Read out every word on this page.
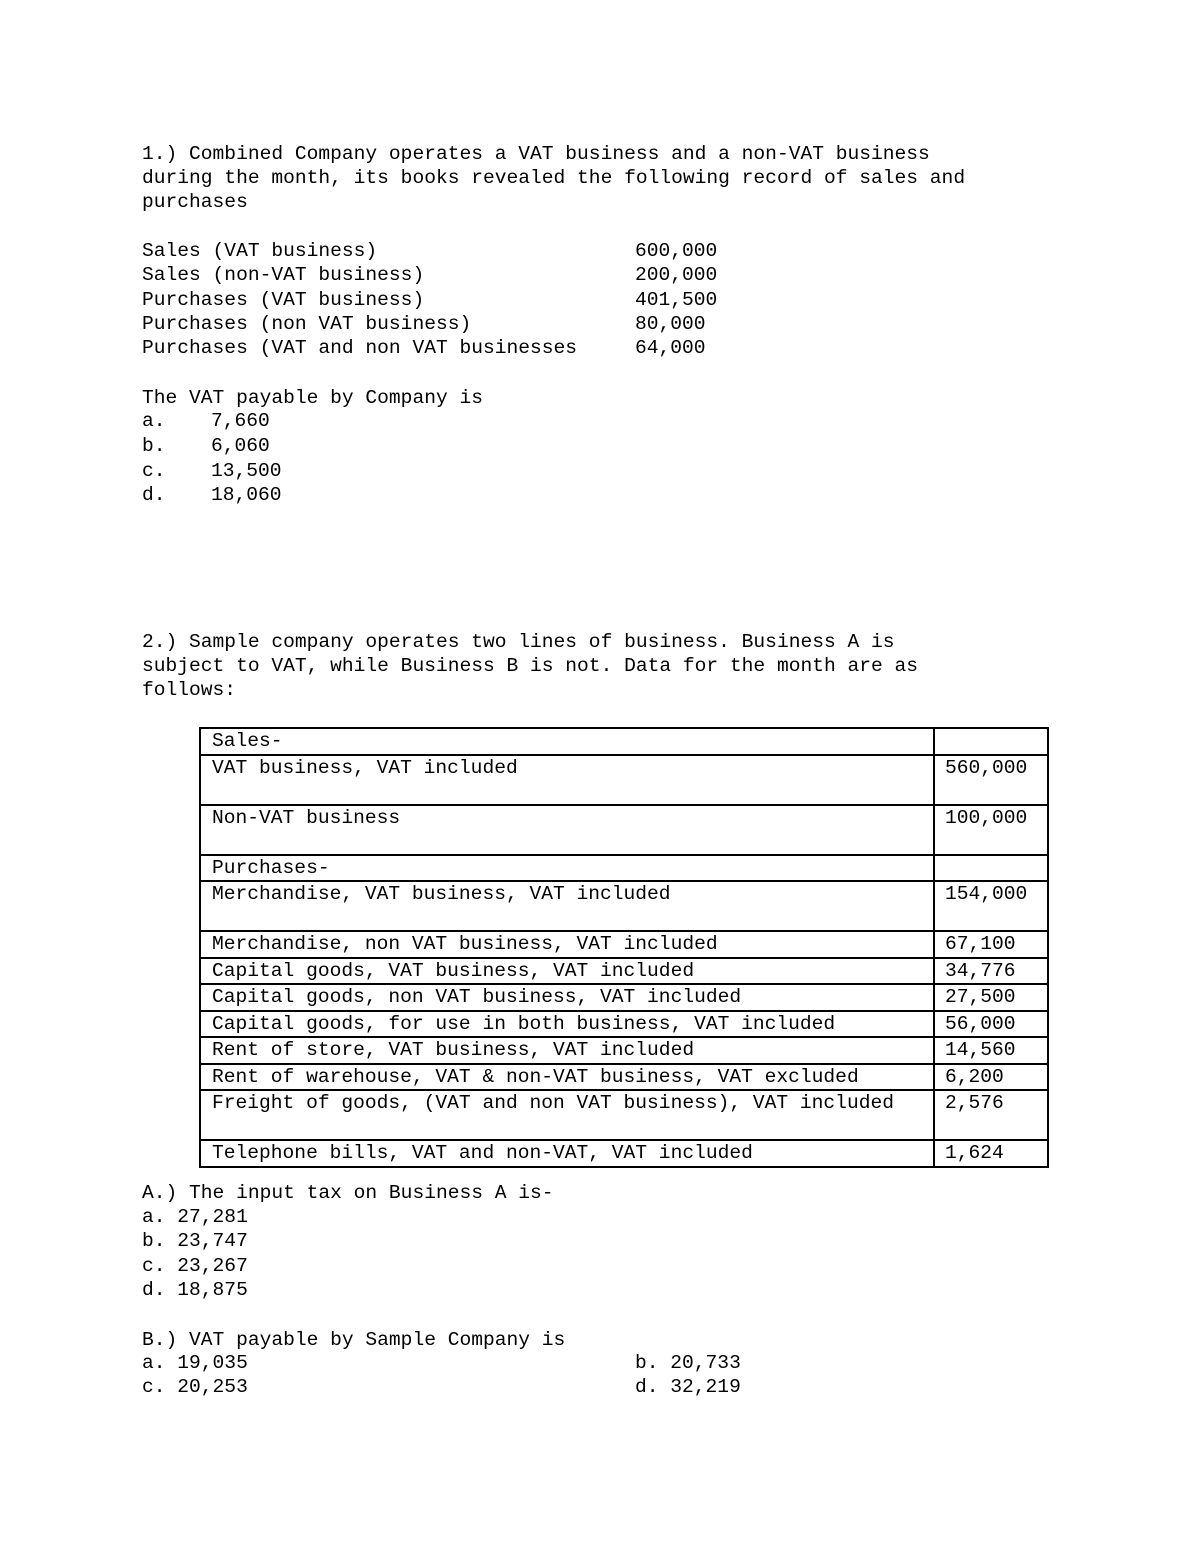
1.) Combined Company operates a VAT business and a non-VAT business
during the month, its books revealed the following record of sales and
purchases
Sales (VAT business)	600,000
Sales (non-VAT business)	200,000
Purchases (VAT business)	401,500
Purchases (non VAT business)	80,000
Purchases (VAT and non VAT businesses	64,000
The VAT payable by Company is
a. 7,660
b. 6,060
c. 13,500
d. 18,060
2.) Sample company operates two lines of business. Business A is
subject to VAT, while Business B is not. Data for the month are as
follows:
Sales-	
VAT business, VAT included	560,000
Non-VAT business	100,000
Purchases-	
Merchandise, VAT business, VAT included	154,000
Merchandise, non VAT business, VAT included	67,100
Capital goods, VAT business, VAT included	34,776
Capital goods, non VAT business, VAT included	27,500
Capital goods, for use in both business, VAT included	56,000
Rent of store, VAT business, VAT included	14,560
Rent of warehouse, VAT & non-VAT business, VAT excluded	6,200
Freight of goods, (VAT and non VAT business), VAT included	2,576
Telephone bills, VAT and non-VAT, VAT included	1,624
A.) The input tax on Business A is-
a. 27,281
b. 23,747
c. 23,267
d. 18,875
B.) VAT payable by Sample Company is
a. 19,035	b. 20,733
c. 20,253	d. 32,219
